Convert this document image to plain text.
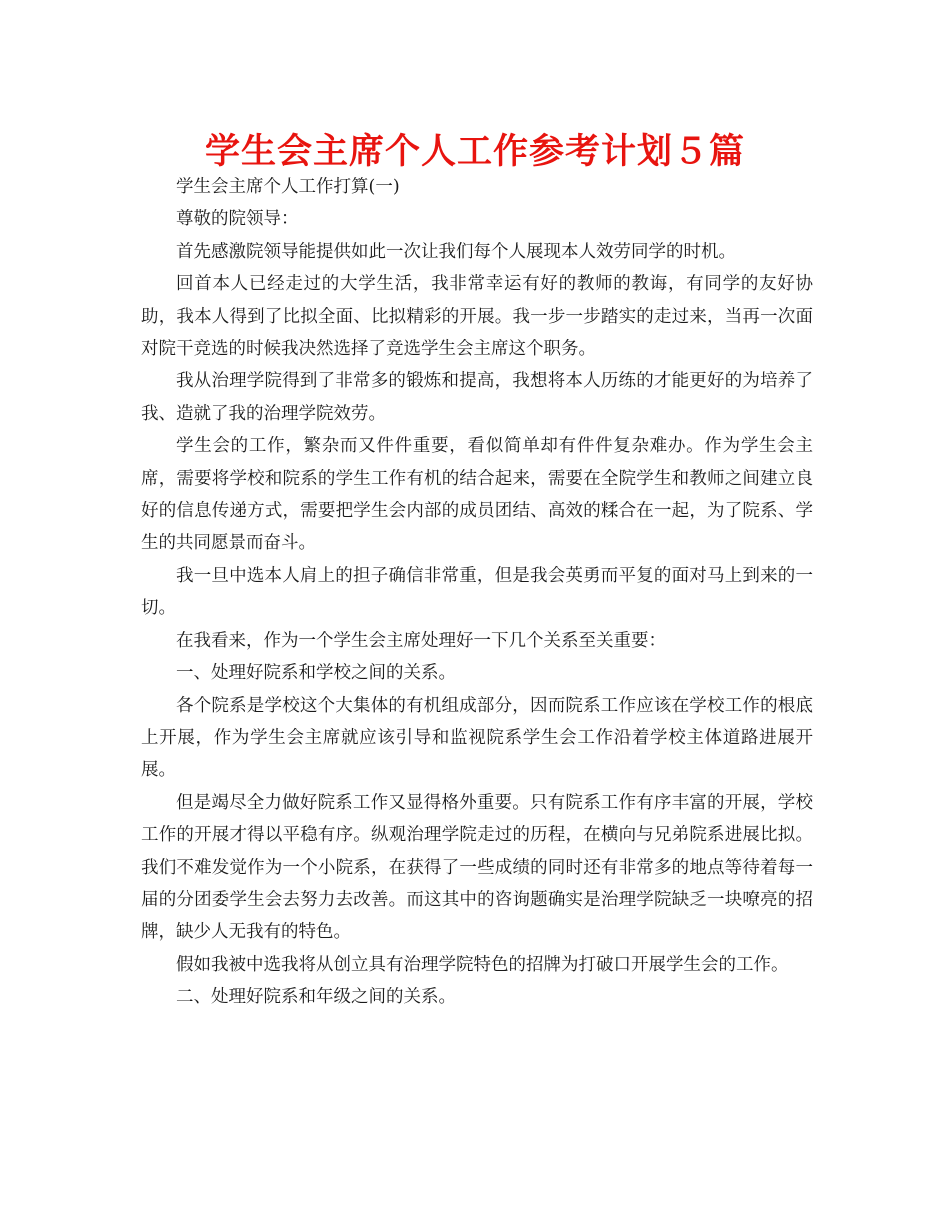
学生会主席个人工作参考计划５篇

学生会主席个人工作打算(一)

尊敬的院领导：

首先感激院领导能提供如此一次让我们每个人展现本人效劳同学的时机。

回首本人已经走过的大学生活，我非常幸运有好的教师的教诲，有同学的友好协助，我本人得到了比拟全面、比拟精彩的开展。我一步一步踏实的走过来，当再一次面对院干竞选的时候我决然选择了竞选学生会主席这个职务。

我从治理学院得到了非常多的锻炼和提高，我想将本人历练的才能更好的为培养了我、造就了我的治理学院效劳。

学生会的工作，繁杂而又件件重要，看似简单却有件件复杂难办。作为学生会主席，需要将学校和院系的学生工作有机的结合起来，需要在全院学生和教师之间建立良好的信息传递方式，需要把学生会内部的成员团结、高效的糅合在一起，为了院系、学生的共同愿景而奋斗。

我一旦中选本人肩上的担子确信非常重，但是我会英勇而平复的面对马上到来的一切。

在我看来，作为一个学生会主席处理好一下几个关系至关重要：

一、处理好院系和学校之间的关系。

各个院系是学校这个大集体的有机组成部分，因而院系工作应该在学校工作的根底上开展，作为学生会主席就应该引导和监视院系学生会工作沿着学校主体道路进展开展。

但是竭尽全力做好院系工作又显得格外重要。只有院系工作有序丰富的开展，学校工作的开展才得以平稳有序。纵观治理学院走过的历程，在横向与兄弟院系进展比拟。我们不难发觉作为一个小院系，在获得了一些成绩的同时还有非常多的地点等待着每一届的分团委学生会去努力去改善。而这其中的咨询题确实是治理学院缺乏一块嘹亮的招牌，缺少人无我有的特色。

假如我被中选我将从创立具有治理学院特色的招牌为打破口开展学生会的工作。

二、处理好院系和年级之间的关系。
